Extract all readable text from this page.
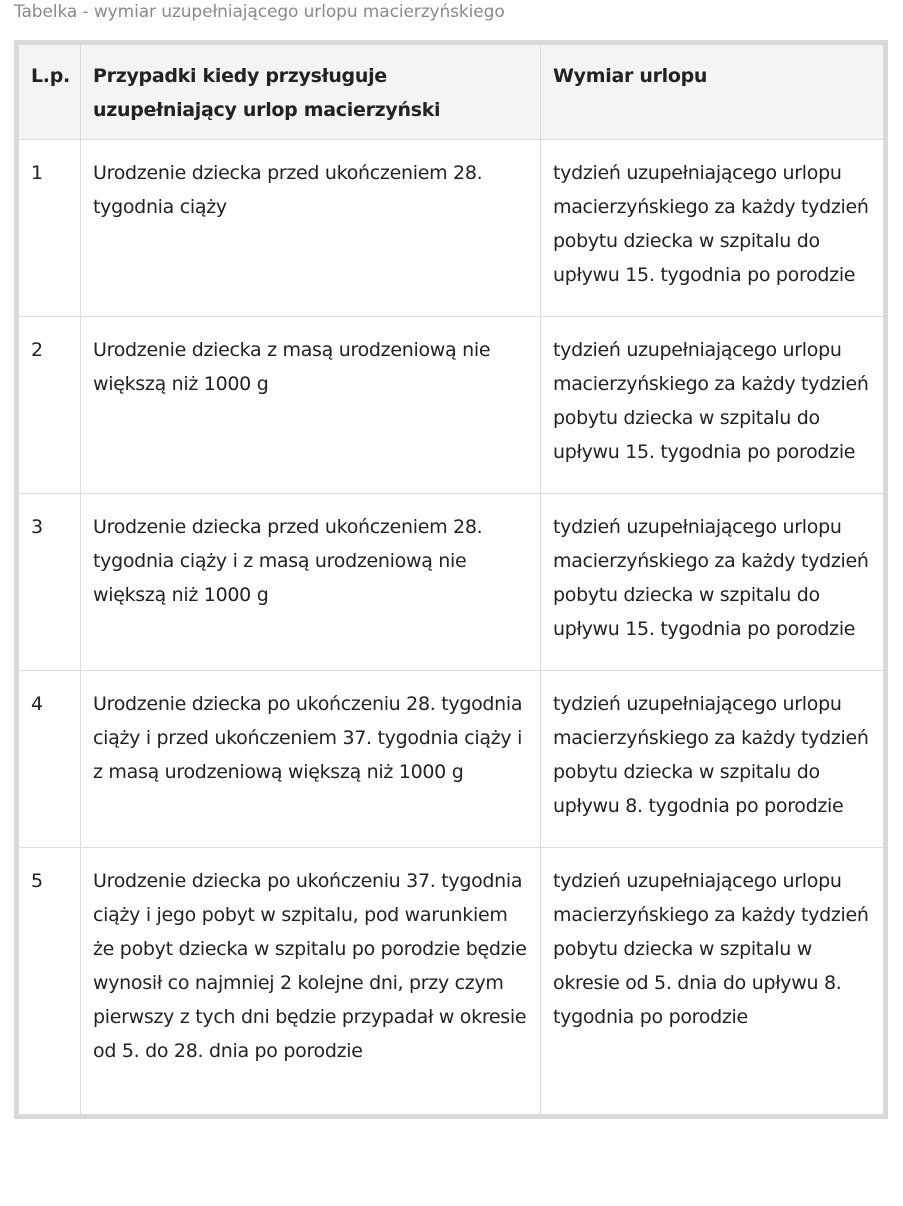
Tabelka - wymiar uzupełniającego urlopu macierzyńskiego
L.p.	Przypadki kiedy przysługuje uzupełniający urlop macierzyński	Wymiar urlopu
1	Urodzenie dziecka przed ukończeniem 28. tygodnia ciąży	tydzień uzupełniającego urlopu macierzyńskiego za każdy tydzień pobytu dziecka w szpitalu do upływu 15. tygodnia po porodzie
2	Urodzenie dziecka z masą urodzeniową nie większą niż 1000 g	tydzień uzupełniającego urlopu macierzyńskiego za każdy tydzień pobytu dziecka w szpitalu do upływu 15. tygodnia po porodzie
3	Urodzenie dziecka przed ukończeniem 28. tygodnia ciąży i z masą urodzeniową nie większą niż 1000 g	tydzień uzupełniającego urlopu macierzyńskiego za każdy tydzień pobytu dziecka w szpitalu do upływu 15. tygodnia po porodzie
4	Urodzenie dziecka po ukończeniu 28. tygodnia ciąży i przed ukończeniem 37. tygodnia ciąży i z masą urodzeniową większą niż 1000 g	tydzień uzupełniającego urlopu macierzyńskiego za każdy tydzień pobytu dziecka w szpitalu do upływu 8. tygodnia po porodzie
5	Urodzenie dziecka po ukończeniu 37. tygodnia ciąży i jego pobyt w szpitalu, pod warunkiem że pobyt dziecka w szpitalu po porodzie będzie wynosił co najmniej 2 kolejne dni, przy czym pierwszy z tych dni będzie przypadał w okresie od 5. do 28. dnia po porodzie	tydzień uzupełniającego urlopu macierzyńskiego za każdy tydzień pobytu dziecka w szpitalu w okresie od 5. dnia do upływu 8. tygodnia po porodzie
